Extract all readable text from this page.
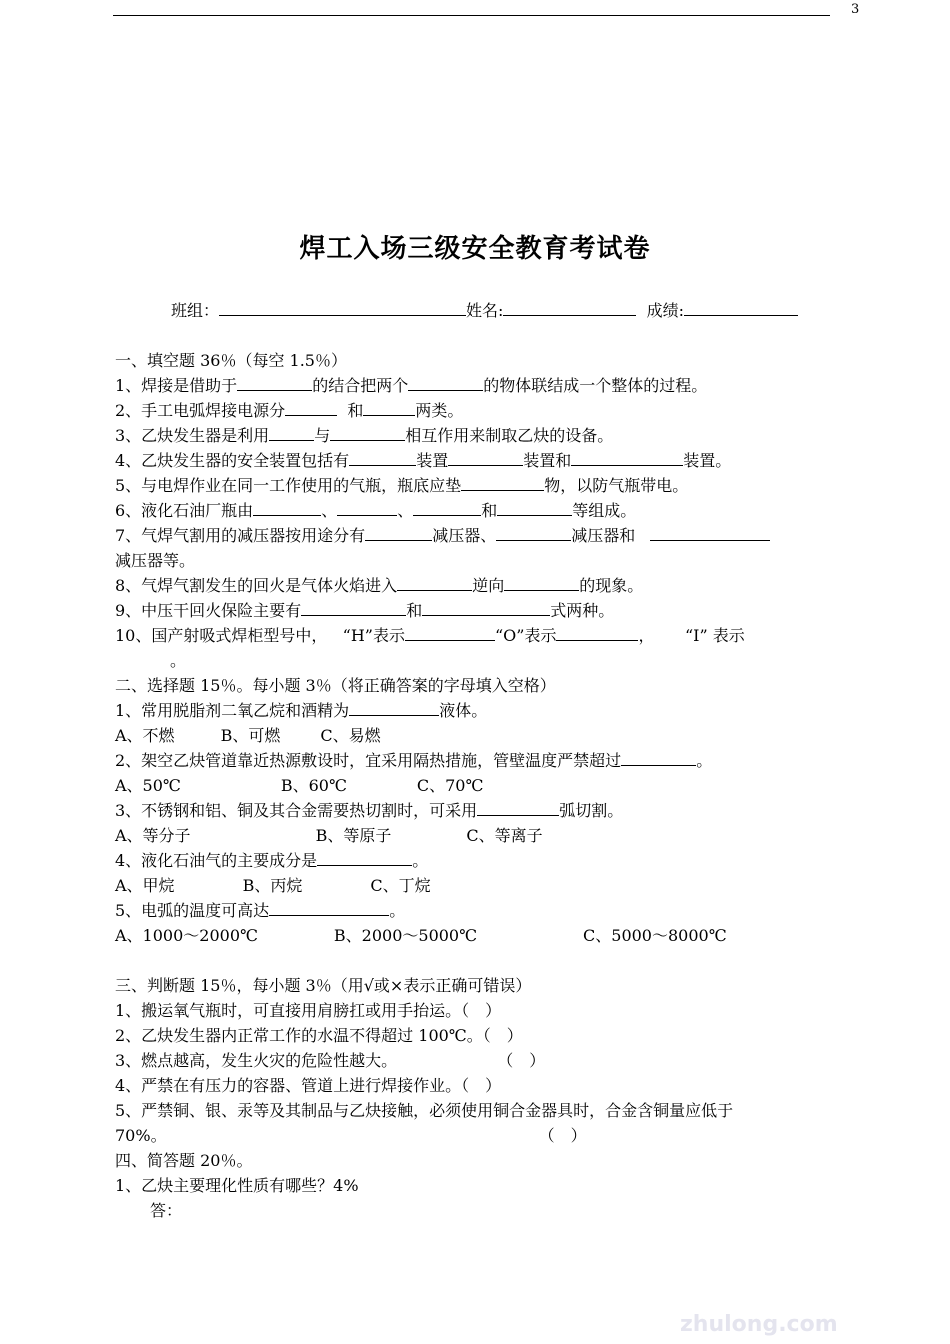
3
焊工入场三级安全教育考试卷
班组：	姓名:	成绩:
一、填空题 36％（每空 1.5％）
1、焊接是借助于	的结合把两个	的物体联结成一个整体的过程。
2、手工电弧焊接电源分	和	两类。
3、乙炔发生器是利用	与	相互作用来制取乙炔的设备。
4、乙炔发生器的安全装置包括有	装置	装置和	装置。
5、与电焊作业在同一工作使用的气瓶，瓶底应垫	物，以防气瓶带电。
6、液化石油厂瓶由	、	、	和	等组成。
7、气焊气割用的减压器按用途分有	减压器、	减压器和
减压器等。
8、气焊气割发生的回火是气体火焰进入	逆向	的现象。
9、中压干回火保险主要有	和	式两种。
10、国产射吸式焊柜型号中， “H”表示	“O”表示	， “I” 表示
。
二、选择题 15％。每小题 3％（将正确答案的字母填入空格）
1、常用脱脂剂二氧乙烷和酒精为	液体。
A、不燃	B、可燃	C、易燃
2、架空乙炔管道靠近热源敷设时，宜采用隔热措施，管壁温度严禁超过	。
A、50℃	B、60℃	C、70℃
3、不锈钢和铝、铜及其合金需要热切割时，可采用	弧切割。
A、等分子	B、等原子	C、等离子
4、液化石油气的主要成分是	。
A、甲烷	B、丙烷	C、丁烷
5、电弧的温度可高达	。
A、1000～2000℃	B、2000～5000℃	C、5000～8000℃
三、判断题 15％，每小题 3％（用√或×表示正确可错误）
1、搬运氧气瓶时，可直接用肩膀扛或用手抬运。（　）
2、乙炔发生器内正常工作的水温不得超过 100℃。（　）
3、燃点越高，发生火灾的危险性越大。	（　）
4、严禁在有压力的容器、管道上进行焊接作业。（　）
5、严禁铜、银、汞等及其制品与乙炔接触，必须使用铜合金器具时，合金含铜量应低于
70%。	（　）
四、简答题 20％。
1、乙炔主要理化性质有哪些？4%
答：
zhulong.com
